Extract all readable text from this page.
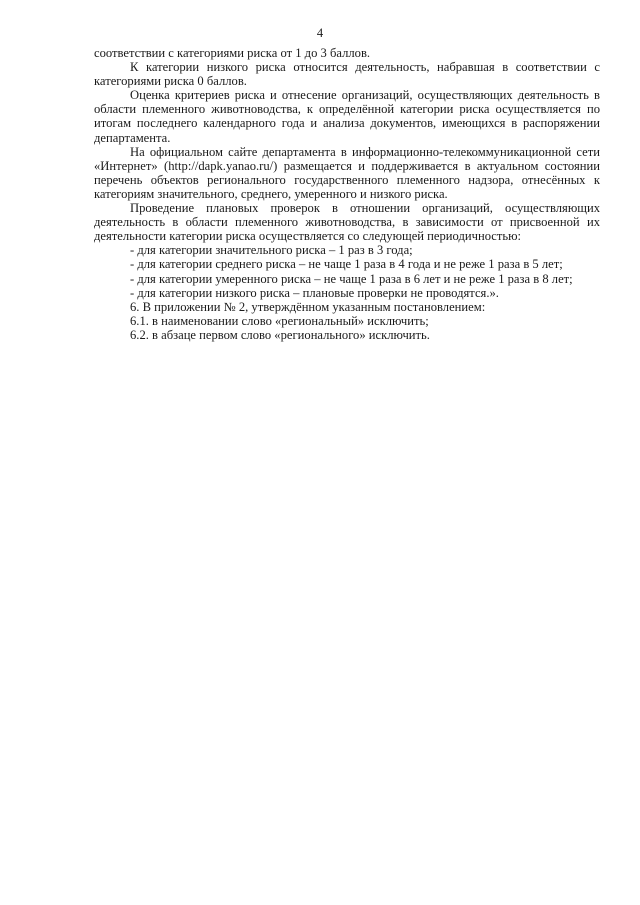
4

соответствии с категориями риска от 1 до 3 баллов.

К категории низкого риска относится деятельность, набравшая в соответствии с категориями риска 0 баллов.

Оценка критериев риска и отнесение организаций, осуществляющих деятельность в области племенного животноводства, к определённой категории риска осуществляется по итогам последнего календарного года и анализа документов, имеющихся в распоряжении департамента.

На официальном сайте департамента в информационно-телекоммуникационной сети «Интернет» (http://dapk.yanao.ru/) размещается и поддерживается в актуальном состоянии перечень объектов регионального государственного племенного надзора, отнесённых к категориям значительного, среднего, умеренного и низкого риска.

Проведение плановых проверок в отношении организаций, осуществляющих деятельность в области племенного животноводства, в зависимости от присвоенной их деятельности категории риска осуществляется со следующей периодичностью:

- для категории значительного риска – 1 раз в 3 года;

- для категории среднего риска – не чаще 1 раза в 4 года и не реже 1 раза в 5 лет;

- для категории умеренного риска – не чаще 1 раза в 6 лет и не реже 1 раза в 8 лет;

- для категории низкого риска – плановые проверки не проводятся.».

6. В приложении № 2, утверждённом указанным постановлением:

6.1. в наименовании слово «региональный» исключить;

6.2. в абзаце первом слово «регионального» исключить.
